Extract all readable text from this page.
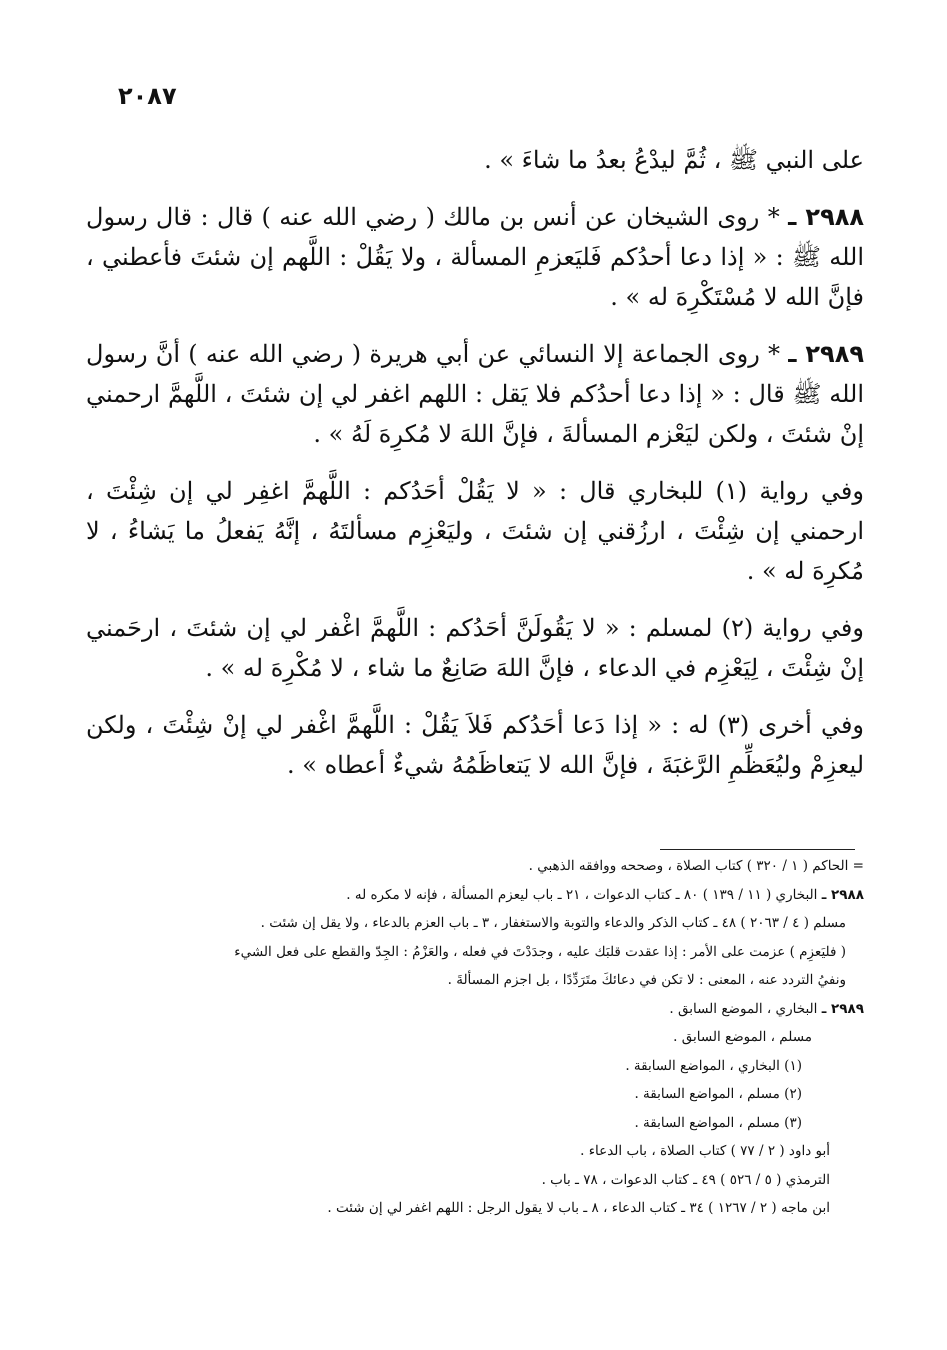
٢٠٨٧

على النبي ﷺ ، ثُمَّ ليدْعُ بعدُ ما شاءَ » .

٢٩٨٨ ـ * روى الشيخان عن أنس بن مالك ( رضي الله عنه ) قال : قال رسول الله ﷺ : « إذا دعا أحدُكم فَليَعزمِ المسألة ، ولا يَقُلْ : اللَّهم إن شئتَ فأعطني ، فإنَّ الله لا مُسْتَكْرِهَ له » .

٢٩٨٩ ـ * روى الجماعة إلا النسائي عن أبي هريرة ( رضي الله عنه ) أنَّ رسول الله ﷺ قال : « إذا دعا أحدُكم فلا يَقل : اللهم اغفر لي إن شئتَ ، اللَّهمَّ ارحمني إنْ شئتَ ، ولكن ليَعْزم المسألةَ ، فإنَّ اللهَ لا مُكرِهَ لَهُ » .

وفي رواية (١) للبخاري قال : « لا يَقُلْ أحَدُكم : اللَّهمَّ اغفِر لي إن شِئْتَ ، ارحمني إن شِئْتَ ، ارزُقني إن شئتَ ، وليَعْزِم مسألتَهُ ، إنَّهُ يَفعلُ ما يَشاءُ ، لا مُكرِهَ له » .

وفي رواية (٢) لمسلم : « لا يَقُولَنَّ أحَدُكم : اللَّهمَّ اغْفر لي إن شئتَ ، ارحَمني إنْ شِئْتَ ، لِيَعْزِم في الدعاء ، فإنَّ اللهَ صَانِعٌ ما شاء ، لا مُكْرِهَ له » .

وفي أخرى (٣) له : « إذا دَعا أحَدُكم فَلاَ يَقُلْ : اللَّهمَّ اغْفر لي إنْ شِئْتَ ، ولكن ليعزِمْ وليُعَظِّمِ الرَّغبَةَ ، فإنَّ الله لا يَتعاظَمُهُ شيءٌ أعطاه » .

= الحاكم ( ١ / ٣٢٠ ) كتاب الصلاة ، وصححه ووافقه الذهبي .
٢٩٨٨ ـ البخاري ( ١١ / ١٣٩ ) ٨٠ ـ كتاب الدعوات ، ٢١ ـ باب ليعزم المسألة ، فإنه لا مكره له .
مسلم ( ٤ / ٢٠٦٣ ) ٤٨ ـ كتاب الذكر والدعاء والتوبة والاستغفار ، ٣ ـ باب العزم بالدعاء ، ولا يقل إن شئت .
( فليَعزِم ) عزمت على الأمر : إذا عقدت قلبَك عليه ، وجدَدْتَ في فعله ، والعَزْمُ : الجِدّ والقطع على فعل الشيء
ونفيُ التردد عنه ، المعنى : لا تكن في دعائكَ متَرَدِّدًا ، بل اجزم المسألةَ .
٢٩٨٩ ـ البخاري ، الموضع السابق .
مسلم ، الموضع السابق .
(١) البخاري ، المواضع السابقة .
(٢) مسلم ، المواضع السابقة .
(٣) مسلم ، المواضع السابقة .
أبو داود ( ٢ / ٧٧ ) كتاب الصلاة ، باب الدعاء .
الترمذي ( ٥ / ٥٢٦ ) ٤٩ ـ كتاب الدعوات ، ٧٨ ـ باب .
ابن ماجه ( ٢ / ١٢٦٧ ) ٣٤ ـ كتاب الدعاء ، ٨ ـ باب لا يقول الرجل : اللهم اغفر لي إن شئت .
